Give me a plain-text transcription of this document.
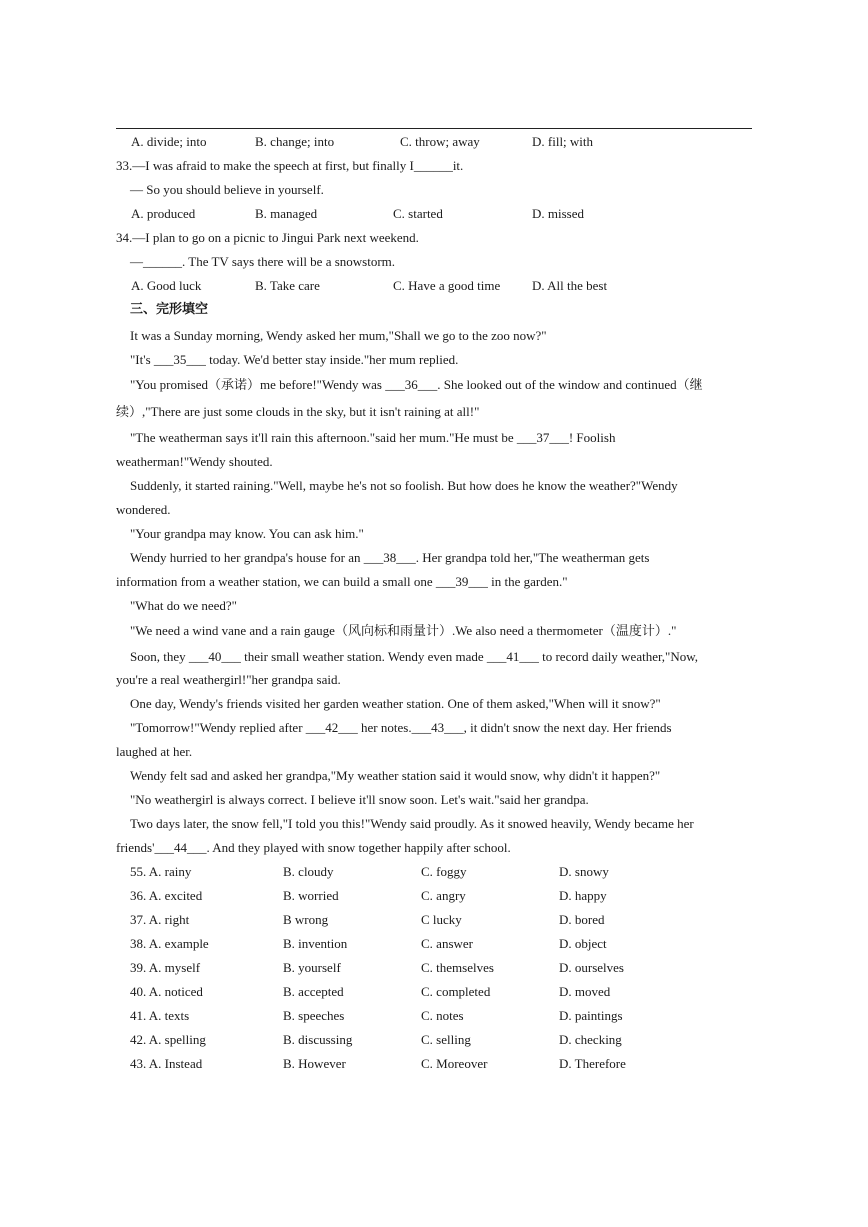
A. divide; into	B. change; into	C. throw; away	D. fill; with
33.—I was afraid to make the speech at first, but finally I______it.
— So you should believe in yourself.
A. produced	B. managed	C. started	D. missed
34.—I plan to go on a picnic to Jingui Park next weekend.
—______. The TV says there will be a snowstorm.
A. Good luck	B. Take care	C. Have a good time D. All the best
三、完形填空
It was a Sunday morning, Wendy asked her mum,"Shall we go to the zoo now?"
"It's ___35___ today. We'd better stay inside."her mum replied.
"You promised（承诺）me before!"Wendy was ___36___. She looked out of the window and continued（继
续）,"There are just some clouds in the sky, but it isn't raining at all!"
"The weatherman says it'll rain this afternoon."said her mum."He must be ___37___! Foolish
weatherman!"Wendy shouted.
Suddenly, it started raining."Well, maybe he's not so foolish. But how does he know the weather?"Wendy
wondered.
"Your grandpa may know. You can ask him."
Wendy hurried to her grandpa's house for an ___38___. Her grandpa told her,"The weatherman gets
information from a weather station, we can build a small one ___39___ in the garden."
"What do we need?"
"We need a wind vane and a rain gauge（风向标和雨量计）.We also need a thermometer（温度计）."
Soon, they ___40___ their small weather station. Wendy even made ___41___ to record daily weather,"Now,
you're a real weathergirl!"her grandpa said.
One day, Wendy's friends visited her garden weather station. One of them asked,"When will it snow?"
"Tomorrow!"Wendy replied after ___42___ her notes.___43___, it didn't snow the next day. Her friends
laughed at her.
Wendy felt sad and asked her grandpa,"My weather station said it would snow, why didn't it happen?"
"No weathergirl is always correct. I believe it'll snow soon. Let's wait."said her grandpa.
Two days later, the snow fell,"I told you this!"Wendy said proudly. As it snowed heavily, Wendy became her
friends'___44___. And they played with snow together happily after school.
55. A. rainy	B. cloudy	C. foggy	D. snowy
36. A. excited	B. worried	C. angry	D. happy
37. A. right	B wrong	C lucky	D. bored
38. A. example	B. invention	C. answer	D. object
39. A. myself	B. yourself	C. themselves	D. ourselves
40. A. noticed	B. accepted	C. completed	D. moved
41. A. texts	B. speeches	C. notes	D. paintings
42. A. spelling	B. discussing	C. selling	D. checking
43. A. Instead	B. However	C. Moreover	D. Therefore
